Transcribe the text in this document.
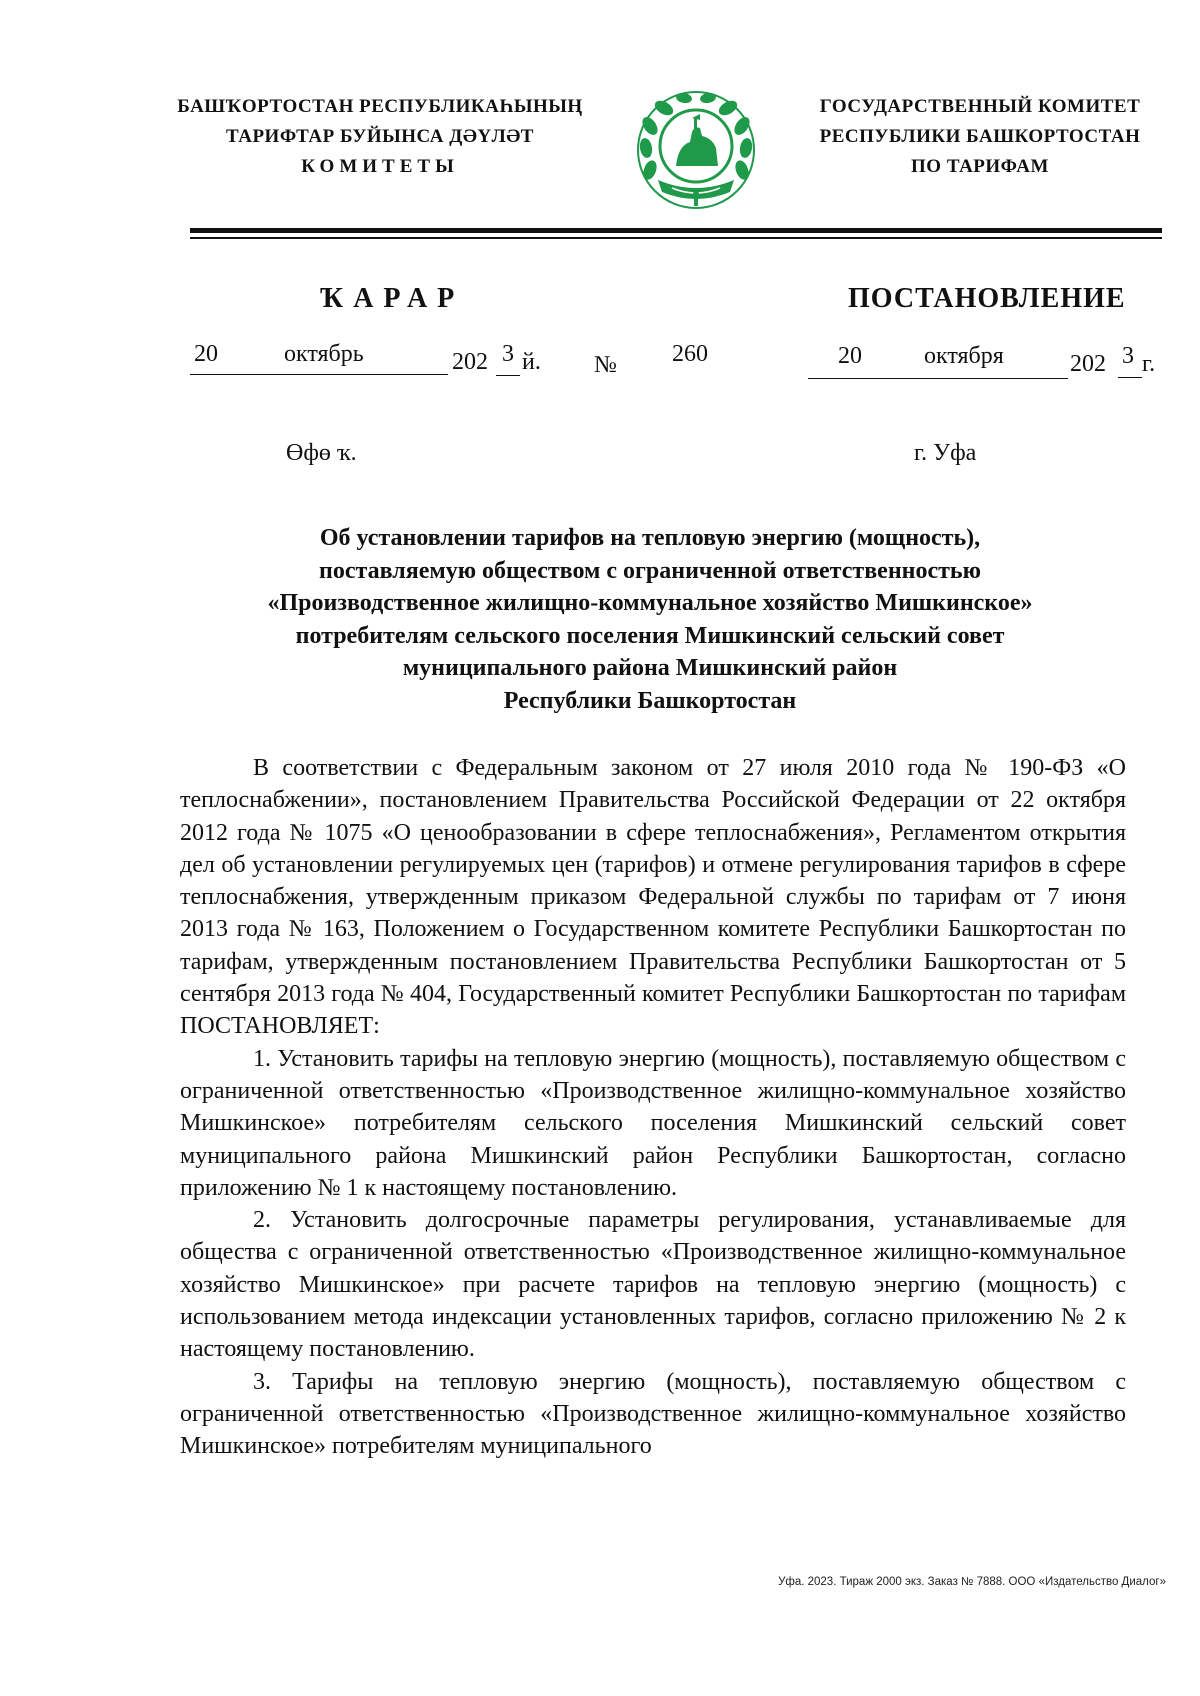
БАШҠОРТОСТАН РЕСПУБЛИКАҺЫНЫҢ
ТАРИФТАР БУЙЫНСА ДӘҮЛӘТ
КОМИТЕТЫ
ГОСУДАРСТВЕННЫЙ КОМИТЕТ
РЕСПУБЛИКИ БАШКОРТОСТАН
ПО ТАРИФАМ
ҠАРАР	ПОСТАНОВЛЕНИЕ
20	октябрь	202 3 й. № 260	20	октября	202 3 г.
Өфө ҡ.	г. Уфа
Об установлении тарифов на тепловую энергию (мощность),
поставляемую обществом с ограниченной ответственностью
«Производственное жилищно-коммунальное хозяйство Мишкинское»
потребителям сельского поселения Мишкинский сельский совет
муниципального района Мишкинский район
Республики Башкортостан

В соответствии с Федеральным законом от 27 июля 2010 года № 190-ФЗ «О теплоснабжении», постановлением Правительства Российской Федерации от 22 октября 2012 года № 1075 «О ценообразовании в сфере теплоснабжения», Регламентом открытия дел об установлении регулируемых цен (тарифов) и отмене регулирования тарифов в сфере теплоснабжения, утвержденным приказом Федеральной службы по тарифам от 7 июня 2013 года № 163, Положением о Государственном комитете Республики Башкортостан по тарифам, утвержденным постановлением Правительства Республики Башкортостан от 5 сентября 2013 года № 404, Государственный комитет Республики Башкортостан по тарифам ПОСТАНОВЛЯЕТ:

1. Установить тарифы на тепловую энергию (мощность), поставляемую обществом с ограниченной ответственностью «Производственное жилищно-коммунальное хозяйство Мишкинское» потребителям сельского поселения Мишкинский сельский совет муниципального района Мишкинский район Республики Башкортостан, согласно приложению № 1 к настоящему постановлению.

2. Установить долгосрочные параметры регулирования, устанавливаемые для общества с ограниченной ответственностью «Производственное жилищно-коммунальное хозяйство Мишкинское» при расчете тарифов на тепловую энергию (мощность) с использованием метода индексации установленных тарифов, согласно приложению № 2 к настоящему постановлению.

3. Тарифы на тепловую энергию (мощность), поставляемую обществом с ограниченной ответственностью «Производственное жилищно-коммунальное хозяйство Мишкинское» потребителям муниципального

Уфа. 2023. Тираж 2000 экз. Заказ № 7888. ООО «Издательство Диалог»
